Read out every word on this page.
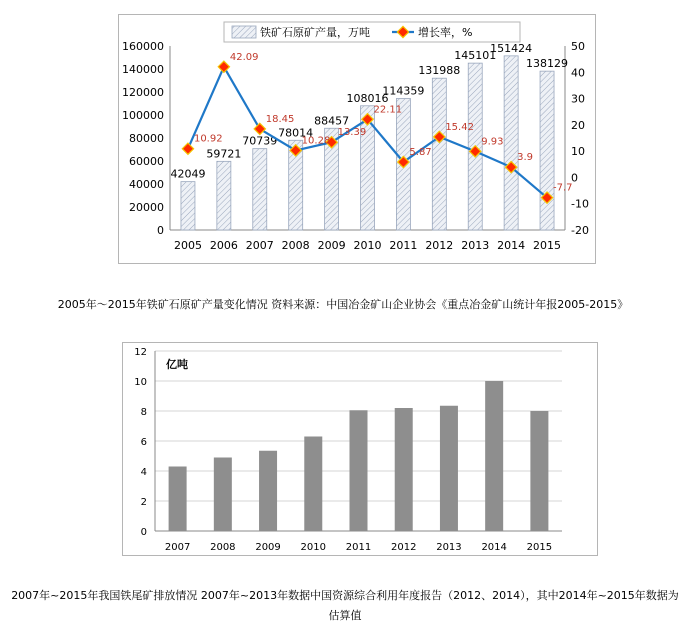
0
20000
40000
60000
80000
100000
120000
140000
160000
-20
-10
0
10
20
30
40
50
2005 2006 2007 2008 2009 2010 2011 2012 2013 2014 2015
42049
59721
70739
78014
88457
108016
114359
131988
145101
151424
138129
10.92
42.09
18.45
10.28
13.39
22.11
5.87
15.42
9.93
3.9
-7.7
铁矿石原矿产量，万吨	增长率，%
0
2
4
6
8
10
12
2007 2008 2009 2010 2011 2012 2013 2014 2015
亿吨
2005年～2015年铁矿石原矿产量变化情况 资料来源：中国冶金矿山企业协会《重点冶金矿山统计年报2005-2015》
2007年~2015年我国铁尾矿排放情况 2007年~2013年数据中国资源综合利用年度报告（2012、2014），其中2014年~2015年数据为估算值
